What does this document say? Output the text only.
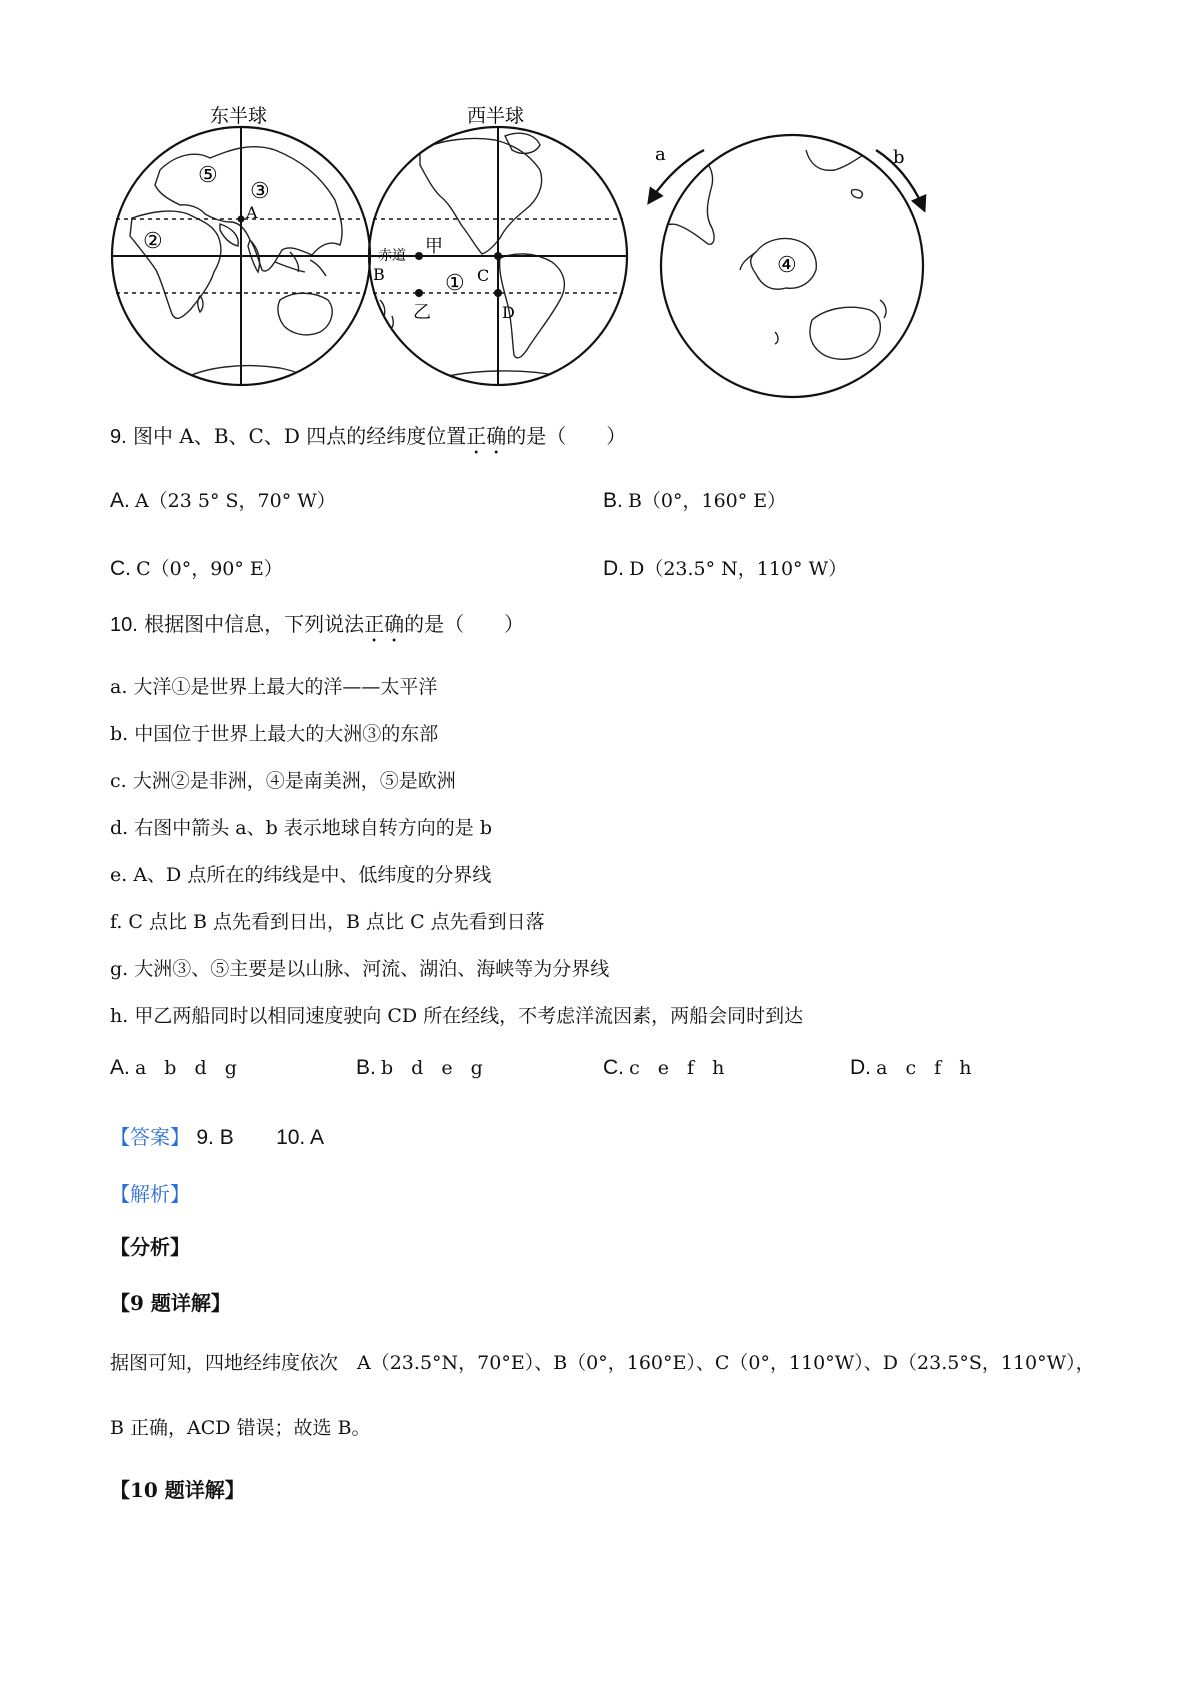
东半球	西半球
A
B	C
D
甲
乙
赤道
①
②
③
⑤
④
a	b
9. 图中 A、B、C、D 四点的经纬度位置正确的是（　　）
A. A（23 5° S，70° W）	B. B（0°，160° E）
C. C（0°，90° E）	D. D（23.5° N，110° W）
10. 根据图中信息，下列说法正确的是（　　）
a. 大洋①是世界上最大的洋——太平洋
b. 中国位于世界上最大的大洲③的东部
c. 大洲②是非洲，④是南美洲，⑤是欧洲
d. 右图中箭头 a、b 表示地球自转方向的是 b
e. A、D 点所在的纬线是中、低纬度的分界线
f. C 点比 B 点先看到日出，B 点比 C 点先看到日落
g. 大洲③、⑤主要是以山脉、河流、湖泊、海峡等为分界线
h. 甲乙两船同时以相同速度驶向 CD 所在经线，不考虑洋流因素，两船会同时到达
A. a b d g	B. b d e g	C. c e f h	D. a c f h
【答案】 9. B 10. A
【解析】
【分析】
【9 题详解】
据图可知，四地经纬度依次　A（23.5°N，70°E）、B（0°，160°E）、C（0°，110°W）、D（23.5°S，110°W），
B 正确，ACD 错误；故选 B。
【10 题详解】
